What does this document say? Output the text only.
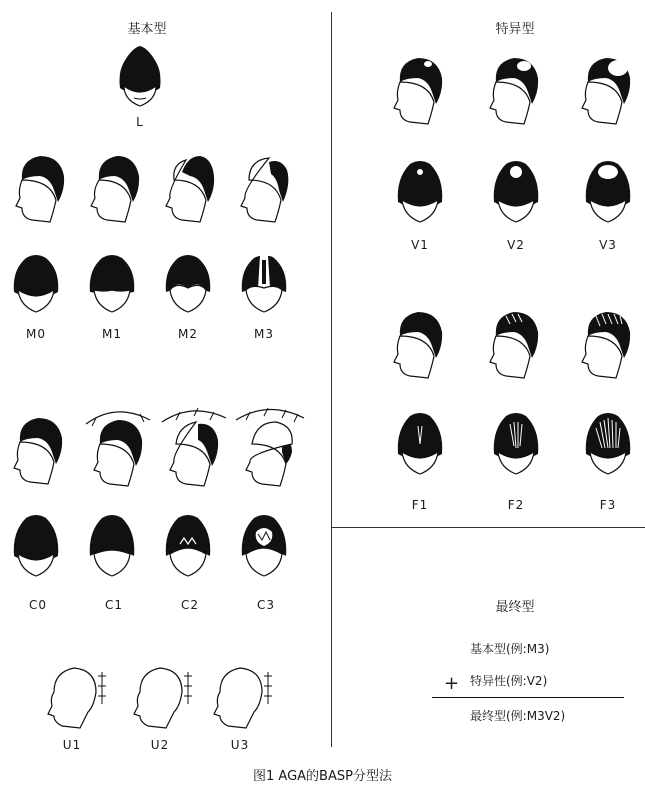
基本型	特异型
L
M0	M1	M2	M3
C0	C1	C2	C3
U1	U2	U3
V1	V2	V3
F1	F2	F3
最终型
基本型(例:M3)
+ 特异性(例:V2)
最终型(例:M3V2)
图1 AGA的BASP分型法
